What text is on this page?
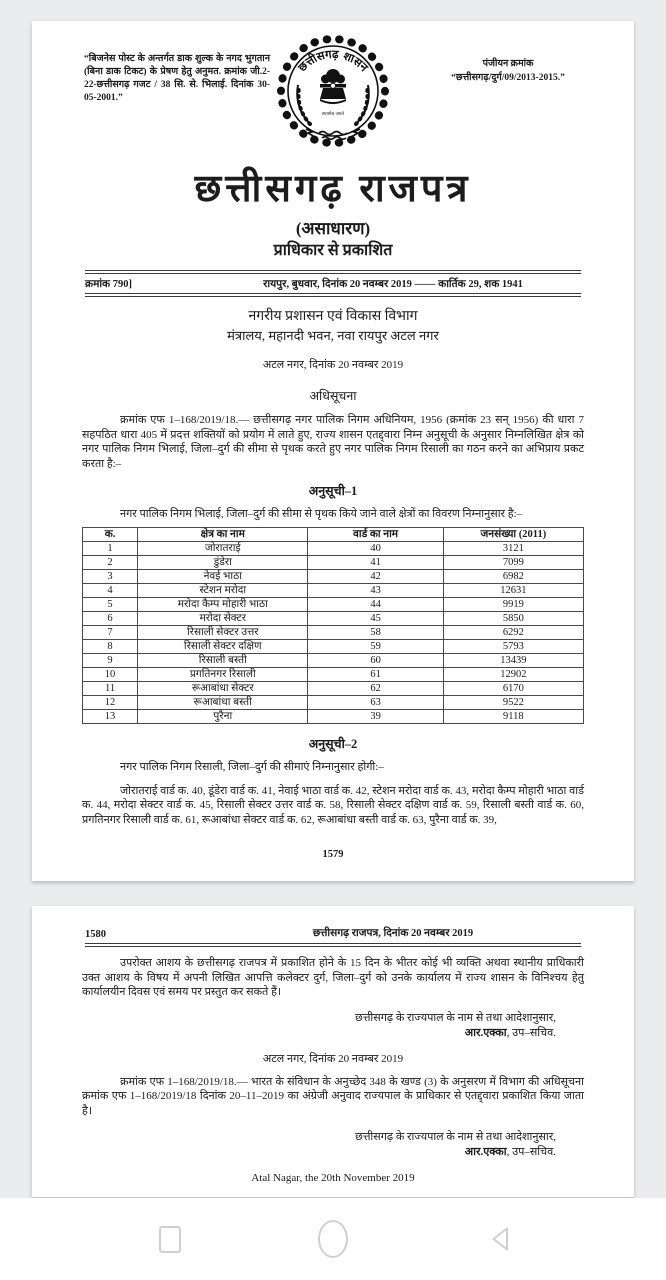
“बिजनेस पोस्ट के अन्तर्गत डाक शुल्क के नगद भुगतान (बिना डाक टिकट) के प्रेषण हेतु अनुमत. क्रमांक जी.2-22-छत्तीसगढ़ गजट / 38 सि. से. भिलाई. दिनांक 30-05-2001.”
छत्तीसगढ़ शासन
सत्यमेव जयते
पंजीयन क्रमांक
“छत्तीसगढ़/दुर्ग/09/2013-2015.”
छत्तीसगढ़ राजपत्र
(असाधारण)
प्राधिकार से प्रकाशित
क्रमांक 790]	रायपुर, बुधवार, दिनांक 20 नवम्बर 2019 —— कार्तिक 29, शक 1941
नगरीय प्रशासन एवं विकास विभाग
मंत्रालय, महानदी भवन, नवा रायपुर अटल नगर
अटल नगर, दिनांक 20 नवम्बर 2019
अधिसूचना
क्रमांक एफ 1–168/2019/18.— छत्तीसगढ़ नगर पालिक निगम अधिनियम, 1956 (क्रमांक 23 सन् 1956) की धारा 7 सहपठित धारा 405 में प्रदत्त शक्तियों को प्रयोग में लाते हुए, राज्य शासन एतद्द्वारा निम्न अनुसूची के अनुसार निम्नलिखित क्षेत्र को नगर पालिक निगम भिलाई, जिला–दुर्ग की सीमा से पृथक करते हुए नगर पालिक निगम रिसाली का गठन करने का अभिप्राय प्रकट करता है:–
अनुसूची–1
नगर पालिक निगम भिलाई, जिला–दुर्ग की सीमा से पृथक किये जाने वाले क्षेत्रों का विवरण निम्नानुसार है:–
क.	क्षेत्र का नाम	वार्ड का नाम	जनसंख्या (2011)
1	जोरातराई	40	3121
2	डुंडेरा	41	7099
3	नेवई भाठा	42	6982
4	स्टेशन मरोदा	43	12631
5	मरोदा कैम्प मोहारी भाठा	44	9919
6	मरोदा सेक्टर	45	5850
7	रिसाली सेक्टर उत्तर	58	6292
8	रिसाली सेक्टर दक्षिण	59	5793
9	रिसाली बस्ती	60	13439
10	प्रगतिनगर रिसाली	61	12902
11	रूआबांधा सेक्टर	62	6170
12	रूआबांधा बस्ती	63	9522
13	पुरैना	39	9118
अनुसूची–2
नगर पालिक निगम रिसाली, जिला–दुर्ग की सीमाएं निम्नानुसार होगी:–
जोरातराई वार्ड क. 40, डूंडेरा वार्ड क. 41, नेवाई भाठा वार्ड क. 42, स्टेशन मरोदा वार्ड क. 43, मरोदा कैम्प मोहारी भाठा वार्ड क. 44, मरोदा सेक्टर वार्ड क. 45, रिसाली सेक्टर उत्तर वार्ड क. 58, रिसाली सेक्टर दक्षिण वार्ड क. 59, रिसाली बस्ती वार्ड क. 60, प्रगतिनगर रिसाली वार्ड क. 61, रूआबांधा सेक्टर वार्ड क. 62, रूआबांधा बस्ती वार्ड क. 63, पुरैना वार्ड क. 39,
1579
1580	छत्तीसगढ़ राजपत्र, दिनांक 20 नवम्बर 2019
उपरोक्त आशय के छत्तीसगढ़ राजपत्र में प्रकाशित होने के 15 दिन के भीतर कोई भी व्यक्ति अथवा स्थानीय प्राधिकारी उक्त आशय के विषय में अपनी लिखित आपत्ति कलेक्टर दुर्ग, जिला–दुर्ग को उनके कार्यालय में राज्य शासन के विनिश्चय हेतु कार्यालयीन दिवस एवं समय पर प्रस्तुत कर सकते हैं।
छत्तीसगढ़ के राज्यपाल के नाम से तथा आदेशानुसार,
आर.एक्का, उप–सचिव.
अटल नगर, दिनांक 20 नवम्बर 2019
क्रमांक एफ 1–168/2019/18.— भारत के संविधान के अनुच्छेद 348 के खण्ड (3) के अनुसरण में विभाग की अधिसूचना क्रमांक एफ 1–168/2019/18 दिनांक 20–11–2019 का अंग्रेजी अनुवाद राज्यपाल के प्राधिकार से एतद्द्वारा प्रकाशित किया जाता है।
छत्तीसगढ़ के राज्यपाल के नाम से तथा आदेशानुसार,
आर.एक्का, उप–सचिव.
Atal Nagar, the 20th November 2019
